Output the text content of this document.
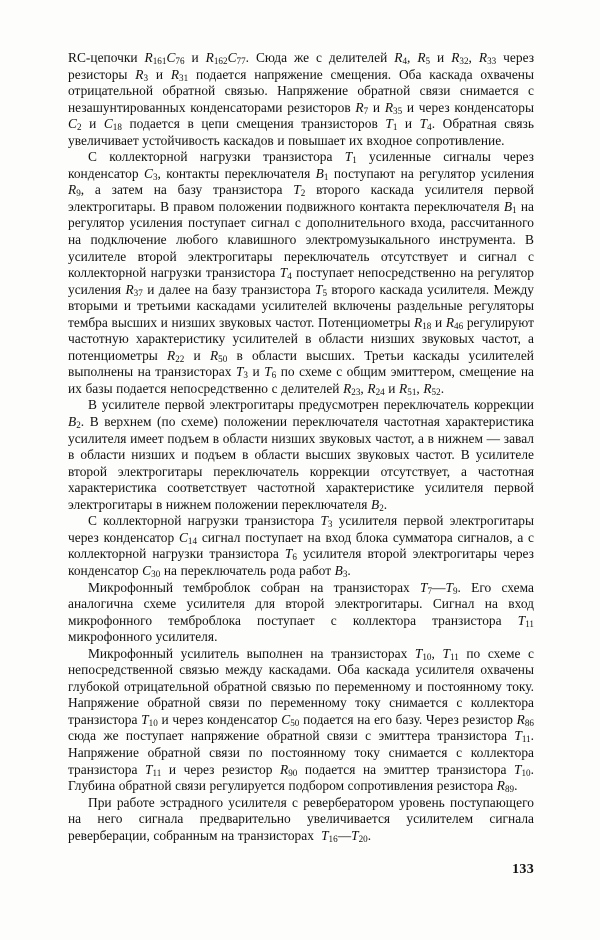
RC-цепочки $R_{161}C_{76}$ и $R_{162}C_{77}$. Сюда же с делителей $R_4$, $R_5$ и $R_{32}$, $R_{33}$ через резисторы $R_3$ и $R_{31}$ подается напряжение смещения. Оба каскада охвачены отрицательной обратной связью. Напряжение обратной связи снимается с незашунтированных конденсаторами резисторов $R_7$ и $R_{35}$ и через конденсаторы $C_2$ и $C_{18}$ подается в цепи смещения транзисторов $T_1$ и $T_4$. Обратная связь увеличивает устойчивость каскадов и повышает их входное сопротивление.

С коллекторной нагрузки транзистора $T_1$ усиленные сигналы через конденсатор $C_3$, контакты переключателя $B_1$ поступают на регулятор усиления $R_9$, а затем на базу транзистора $T_2$ второго каскада усилителя первой электрогитары. В правом положении подвижного контакта переключателя $B_1$ на регулятор усиления поступает сигнал с дополнительного входа, рассчитанного на подключение любого клавишного электромузыкального инструмента. В усилителе второй электрогитары переключатель отсутствует и сигнал с коллекторной нагрузки транзистора $T_4$ поступает непосредственно на регулятор усиления $R_{37}$ и далее на базу транзистора $T_5$ второго каскада усилителя. Между вторыми и третьими каскадами усилителей включены раздельные регуляторы тембра высших и низших звуковых частот. Потенциометры $R_{18}$ и $R_{46}$ регулируют частотную характеристику усилителей в области низших звуковых частот, а потенциометры $R_{22}$ и $R_{50}$ в области высших. Третьи каскады усилителей выполнены на транзисторах $T_3$ и $T_6$ по схеме с общим эмиттером, смещение на их базы подается непосредственно с делителей $R_{23}$, $R_{24}$ и $R_{51}$, $R_{52}$.

В усилителе первой электрогитары предусмотрен переключатель коррекции $B_2$. В верхнем (по схеме) положении переключателя частотная характеристика усилителя имеет подъем в области низших звуковых частот, а в нижнем — завал в области низших и подъем в области высших звуковых частот. В усилителе второй электрогитары переключатель коррекции отсутствует, а частотная характеристика соответствует частотной характеристике усилителя первой электрогитары в нижнем положении переключателя $B_2$.

С коллекторной нагрузки транзистора $T_3$ усилителя первой электрогитары через конденсатор $C_{14}$ сигнал поступает на вход блока сумматора сигналов, а с коллекторной нагрузки транзистора $T_6$ усилителя второй электрогитары через конденсатор $C_{30}$ на переключатель рода работ $B_3$.

Микрофонный темброблок собран на транзисторах $T_7—T_9$. Его схема аналогична схеме усилителя для второй электрогитары. Сигнал на вход микрофонного темброблока поступает с коллектора транзистора $T_{11}$ микрофонного усилителя.

Микрофонный усилитель выполнен на транзисторах $T_{10}$, $T_{11}$ по схеме с непосредственной связью между каскадами. Оба каскада усилителя охвачены глубокой отрицательной обратной связью по переменному и постоянному току. Напряжение обратной связи по переменному току снимается с коллектора транзистора $T_{10}$ и через конденсатор $C_{50}$ подается на его базу. Через резистор $R_{86}$ сюда же поступает напряжение обратной связи с эмиттера транзистора $T_{11}$. Напряжение обратной связи по постоянному току снимается с коллектора транзистора $T_{11}$ и через резистор $R_{90}$ подается на эмиттер транзистора $T_{10}$. Глубина обратной связи регулируется подбором сопротивления резистора $R_{89}$.

При работе эстрадного усилителя с ревербератором уровень поступающего на него сигнала предварительно увеличивается усилителем сигнала реверберации, собранным на транзисторах  $T_{16}—T_{20}$.

133
